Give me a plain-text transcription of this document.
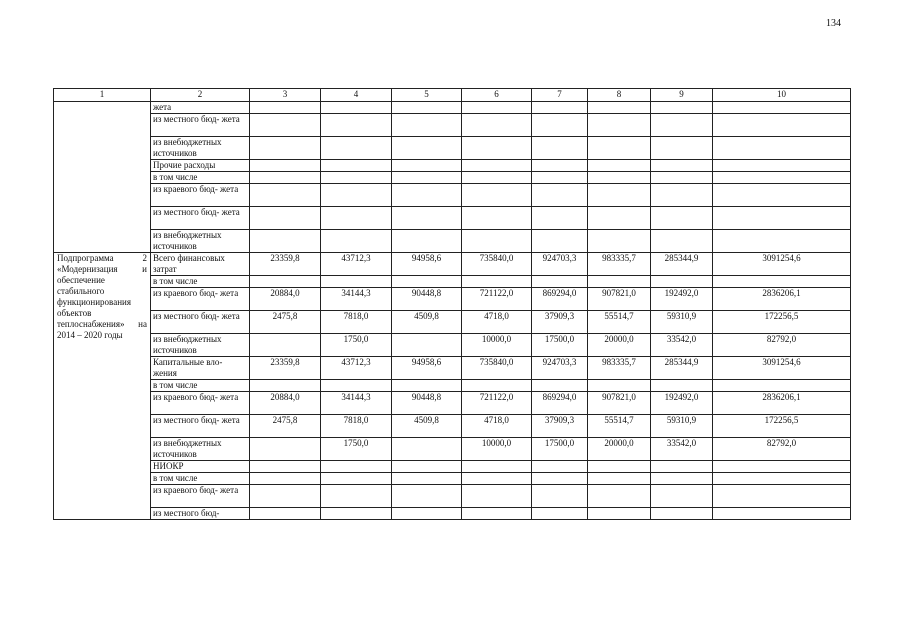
134
1	2	3	4	5	6	7	8	9	10
	жета								
	из местного бюд- жета								
	из внебюджетных источников								
	Прочие расходы								
	в том числе								
	из краевого бюд- жета								
	из местного бюд- жета								
	из внебюджетных источников								
Подпрограмма 2 «Модернизация и обеспечение стабильного функционирования объектов теплоснабжения» на 2014 – 2020 годы	Всего финансовых затрат	23359,8	43712,3	94958,6	735840,0	924703,3	983335,7	285344,9	3091254,6
	в том числе								
	из краевого бюд- жета	20884,0	34144,3	90448,8	721122,0	869294,0	907821,0	192492,0	2836206,1
	из местного бюд- жета	2475,8	7818,0	4509,8	4718,0	37909,3	55514,7	59310,9	172256,5
	из внебюджетных источников		1750,0		10000,0	17500,0	20000,0	33542,0	82792,0
	Капитальные вло- жения	23359,8	43712,3	94958,6	735840,0	924703,3	983335,7	285344,9	3091254,6
	в том числе								
	из краевого бюд- жета	20884,0	34144,3	90448,8	721122,0	869294,0	907821,0	192492,0	2836206,1
	из местного бюд- жета	2475,8	7818,0	4509,8	4718,0	37909,3	55514,7	59310,9	172256,5
	из внебюджетных источников		1750,0		10000,0	17500,0	20000,0	33542,0	82792,0
	НИОКР								
	в том числе								
	из краевого бюд- жета								
	из местного бюд-								
